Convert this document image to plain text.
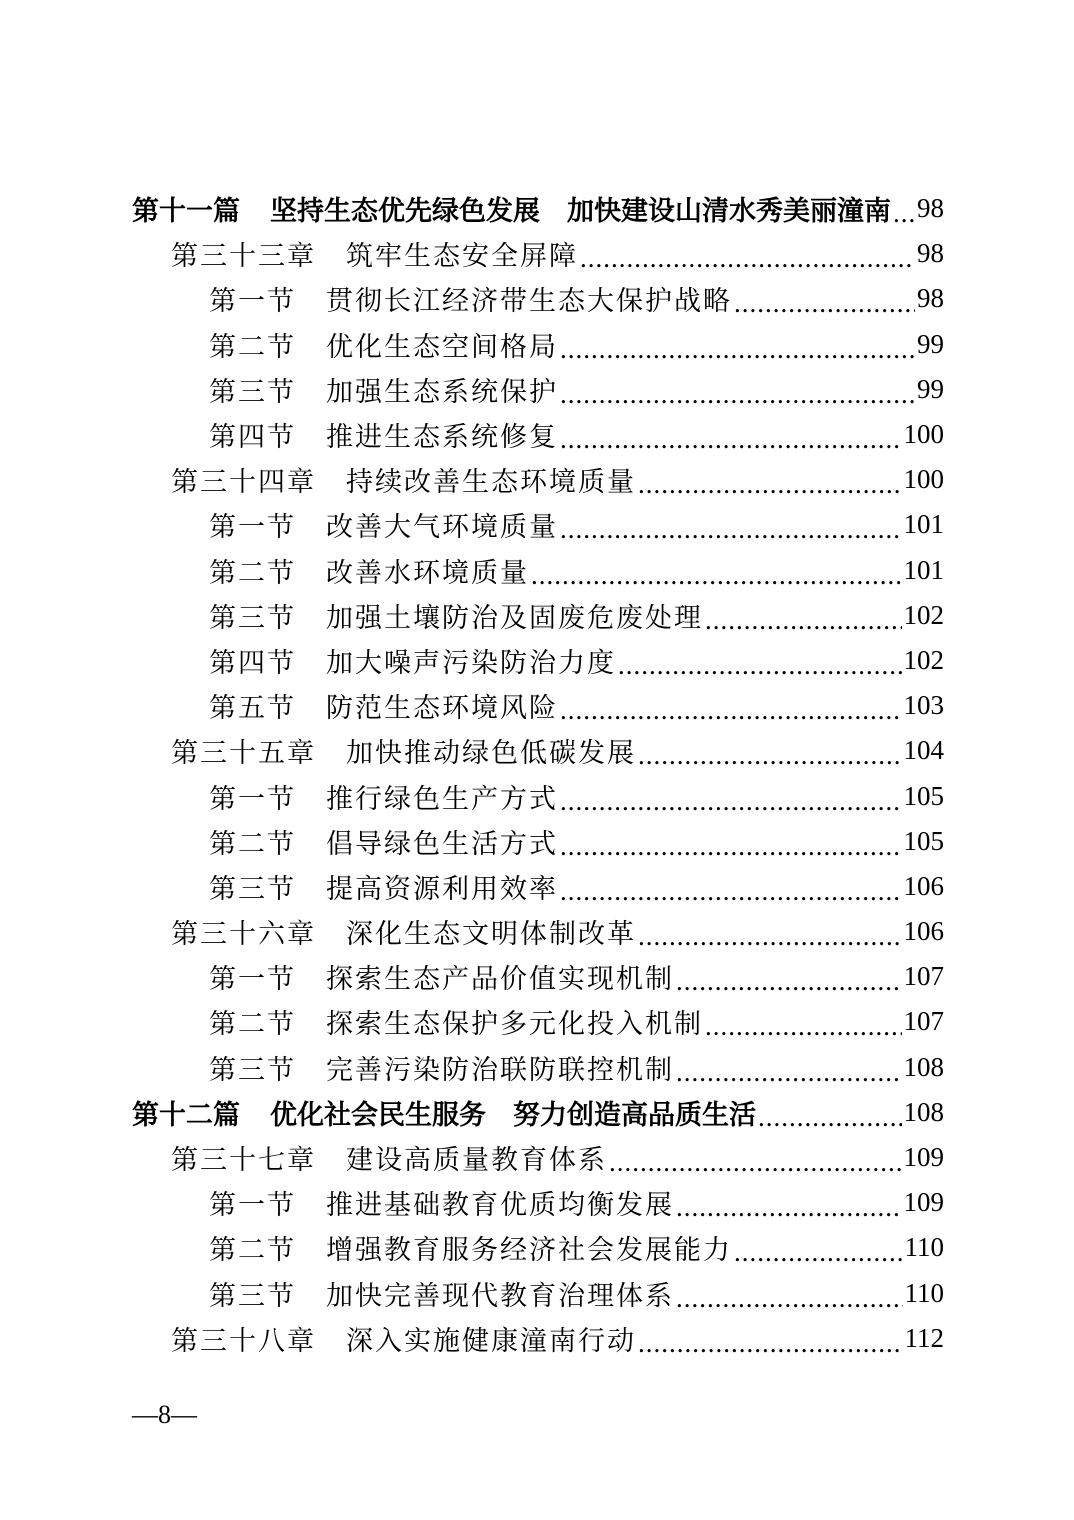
第十一篇 坚持生态优先绿色发展　加快建设山清水秀美丽潼南 ..... 98
第三十三章 筑牢生态安全屏障 .....	98
第一节 贯彻长江经济带生态大保护战略 .....	98
第二节 优化生态空间格局 .....	99
第三节 加强生态系统保护 .....	99
第四节 推进生态系统修复 .....	100
第三十四章 持续改善生态环境质量 .....	100
第一节 改善大气环境质量 .....	101
第二节 改善水环境质量 .....	101
第三节 加强土壤防治及固废危废处理 .....	102
第四节 加大噪声污染防治力度 .....	102
第五节 防范生态环境风险 .....	103
第三十五章 加快推动绿色低碳发展 .....	104
第一节 推行绿色生产方式 .....	105
第二节 倡导绿色生活方式 .....	105
第三节 提高资源利用效率 .....	106
第三十六章 深化生态文明体制改革 .....	106
第一节 探索生态产品价值实现机制 .....	107
第二节 探索生态保护多元化投入机制 .....	107
第三节 完善污染防治联防联控机制 .....	108
第十二篇 优化社会民生服务　努力创造高品质生活 .....	108
第三十七章 建设高质量教育体系 .....	109
第一节 推进基础教育优质均衡发展 .....	109
第二节 增强教育服务经济社会发展能力 .....	110
第三节 加快完善现代教育治理体系 .....	110
第三十八章 深入实施健康潼南行动 .....	112
—8—
